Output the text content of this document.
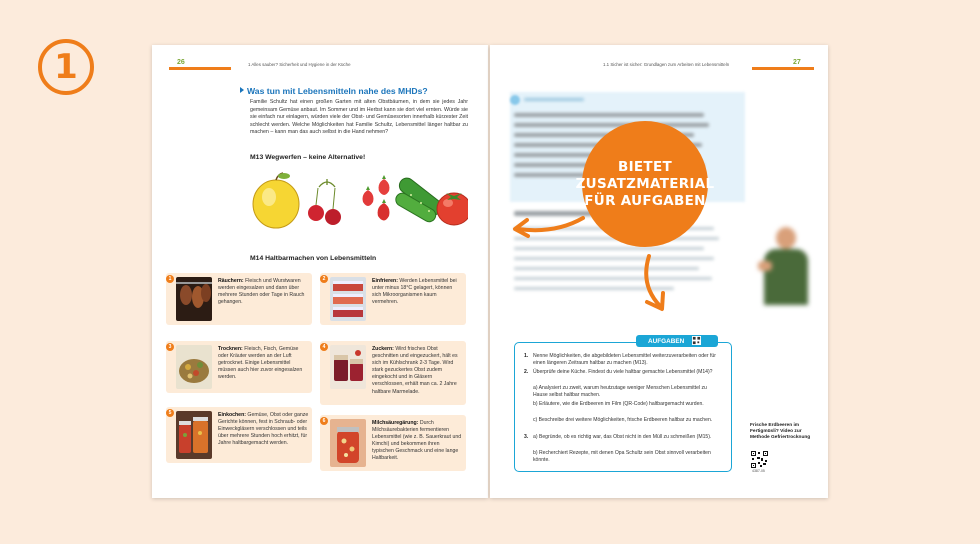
1	26	1 Alles sauber? Sicherheit und Hygiene in der Küche
Was tun mit Lebensmitteln nahe des MHDs?
Familie Schultz hat einen großen Garten mit alten Obstbäumen, in dem sie jedes Jahr gemeinsam Gemüse anbaut. Im Sommer und im Herbst kann sie dort viel ernten. Würde sie sie einfach nur einlagern, würden viele der Obst- und Gemüsesorten innerhalb kürzester Zeit schlecht werden. Welche Möglichkeiten hat Familie Schultz, Lebensmittel länger haltbar zu machen – kann man das auch selbst in die Hand nehmen?
M13 Wegwerfen – keine Alternative!
M14 Haltbarmachen von Lebensmitteln
1	Räuchern: Fleisch und Wurstwaren werden eingesalzen und dann über mehrere Stunden oder Tage in Rauch gehangen.
2	Einfrieren: Werden Lebensmittel bei unter minus 18°C gelagert, können sich Mikroorganismen kaum vermehren.
3	Trocknen: Fleisch, Fisch, Gemüse oder Kräuter werden an der Luft getrocknet. Einige Lebensmittel müssen auch hier zuvor eingesalzen werden.
4	Zuckern: Wird frisches Obst geschnitten und eingezuckert, hält es sich im Kühlschrank 2-3 Tage. Wird stark gezuckertes Obst zudem eingekocht und in Gläsern verschlossen, erhält man ca. 2 Jahre haltbare Marmelade.
5	Einkochen: Gemüse, Obst oder ganze Gerichte können, fest in Schraub- oder Einweckgläsern verschlossen und teils über mehrere Stunden hoch erhitzt, für Jahre haltbargemacht werden.
6	Milchsäuregärung: Durch Milchsäurebakterien fermentieren Lebensmittel (wie z. B. Sauerkraut und Kimchi) und bekommen ihren typischen Geschmack und eine lange Haltbarkeit.
1.1 Sicher ist sicher: Grundlagen zum Arbeiten mit Lebensmitteln	27
AUFGABEN
1. Nenne Möglichkeiten, die abgebildeten Lebensmittel weiterzuverarbeiten oder für einen längeren Zeitraum haltbar zu machen (M13).
2. Überprüfe deine Küche. Findest du viele haltbar gemachte Lebensmittel (M14)?
a) Analysiert zu zweit, warum heutzutage weniger Menschen Lebensmittel zu Hause selbst haltbar machen.
b) Erläutere, wie die Erdbeeren im Film (QR-Code) haltbargemacht wurden.
c) Beschreibe drei weitere Möglichkeiten, frische Erdbeeren haltbar zu machen.
3. a) Begründe, ob es richtig war, das Obst nicht in den Müll zu schmeißen (M15).
b) Recherchiert Rezepte, mit denen Opa Schultz sein Obst sinnvoll verarbeiten könnte.
Frische Erdbeeren im Fertigmüsli? Video zur Methode Gefriertrocknung
4387-05
BIETET
ZUSATZMATERIAL
FÜR AUFGABEN
